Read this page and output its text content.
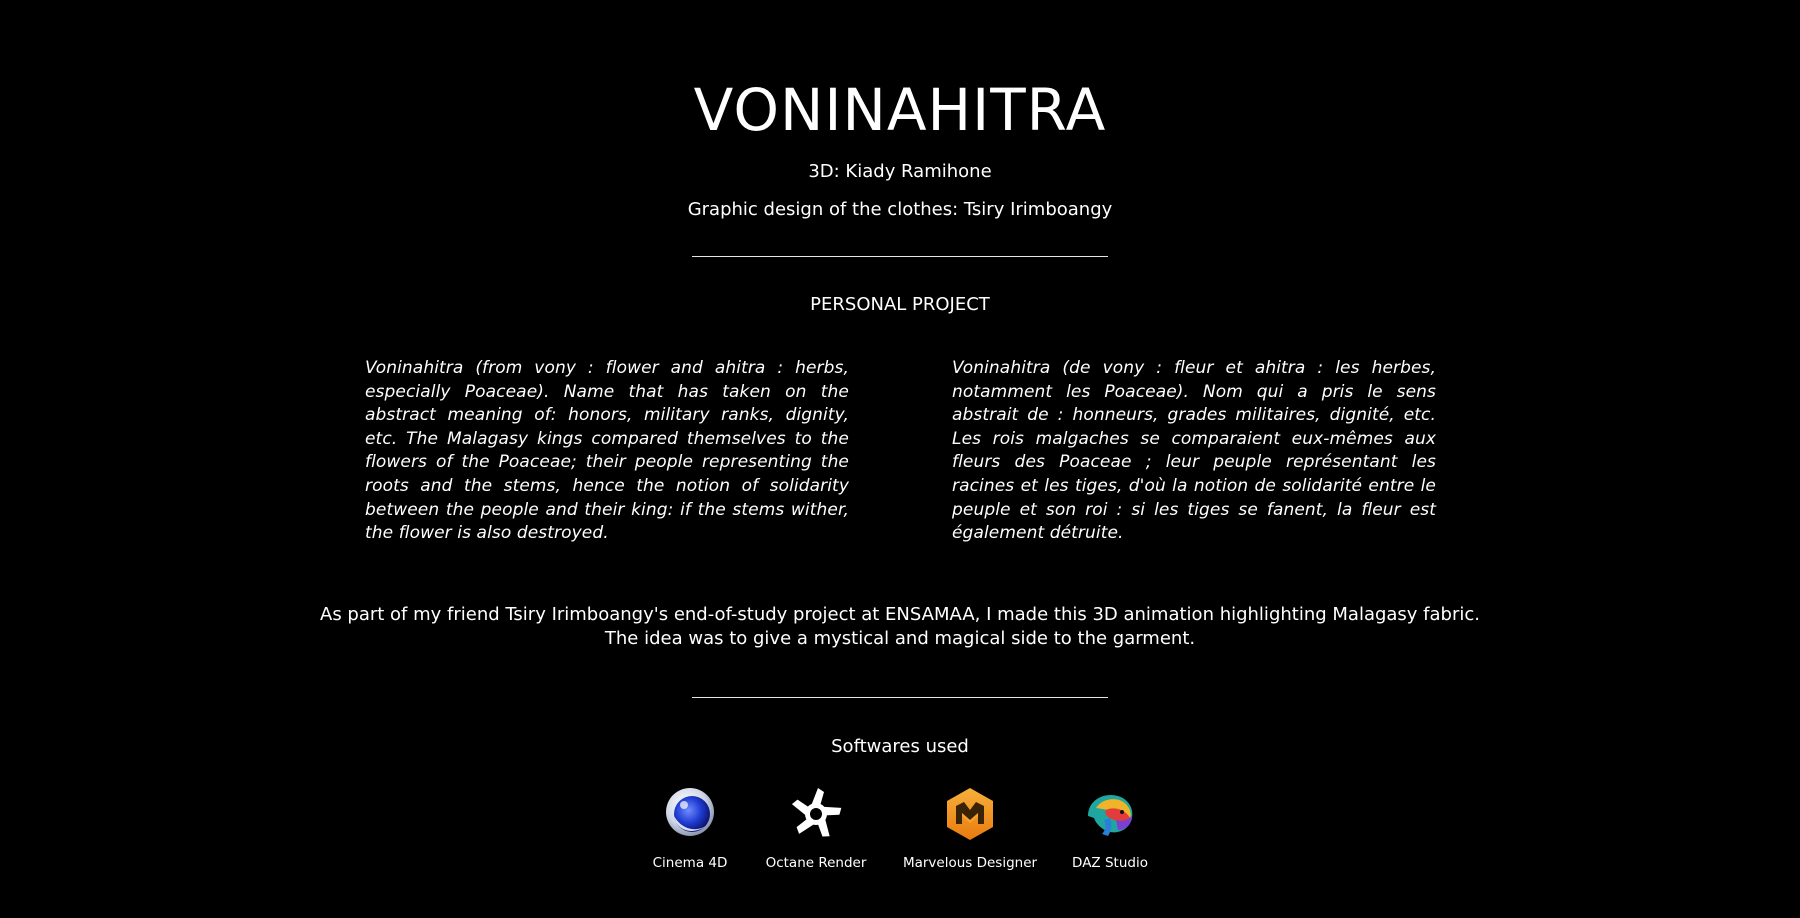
VONINAHITRA
3D: Kiady Ramihone
Graphic design of the clothes: Tsiry Irimboangy
PERSONAL PROJECT

Voninahitra (from vony : flower and ahitra : herbs, especially Poaceae). Name that has taken on the abstract meaning of: honors, military ranks, dignity, etc. The Malagasy kings compared themselves to the flowers of the Poaceae; their people representing the roots and the stems, hence the notion of solidarity between the people and their king: if the stems wither, the flower is also destroyed.

Voninahitra (de vony : fleur et ahitra : les herbes, notamment les Poaceae). Nom qui a pris le sens abstrait de : honneurs, grades militaires, dignité, etc. Les rois malgaches se comparaient eux-mêmes aux fleurs des Poaceae ; leur peuple représentant les racines et les tiges, d'où la notion de solidarité entre le peuple et son roi : si les tiges se fanent, la fleur est également détruite.

As part of my friend Tsiry Irimboangy's end-of-study project at ENSAMAA, I made this 3D animation highlighting Malagasy fabric.
The idea was to give a mystical and magical side to the garment.
Softwares used
Cinema 4D	Octane Render	Marvelous Designer	DAZ Studio
